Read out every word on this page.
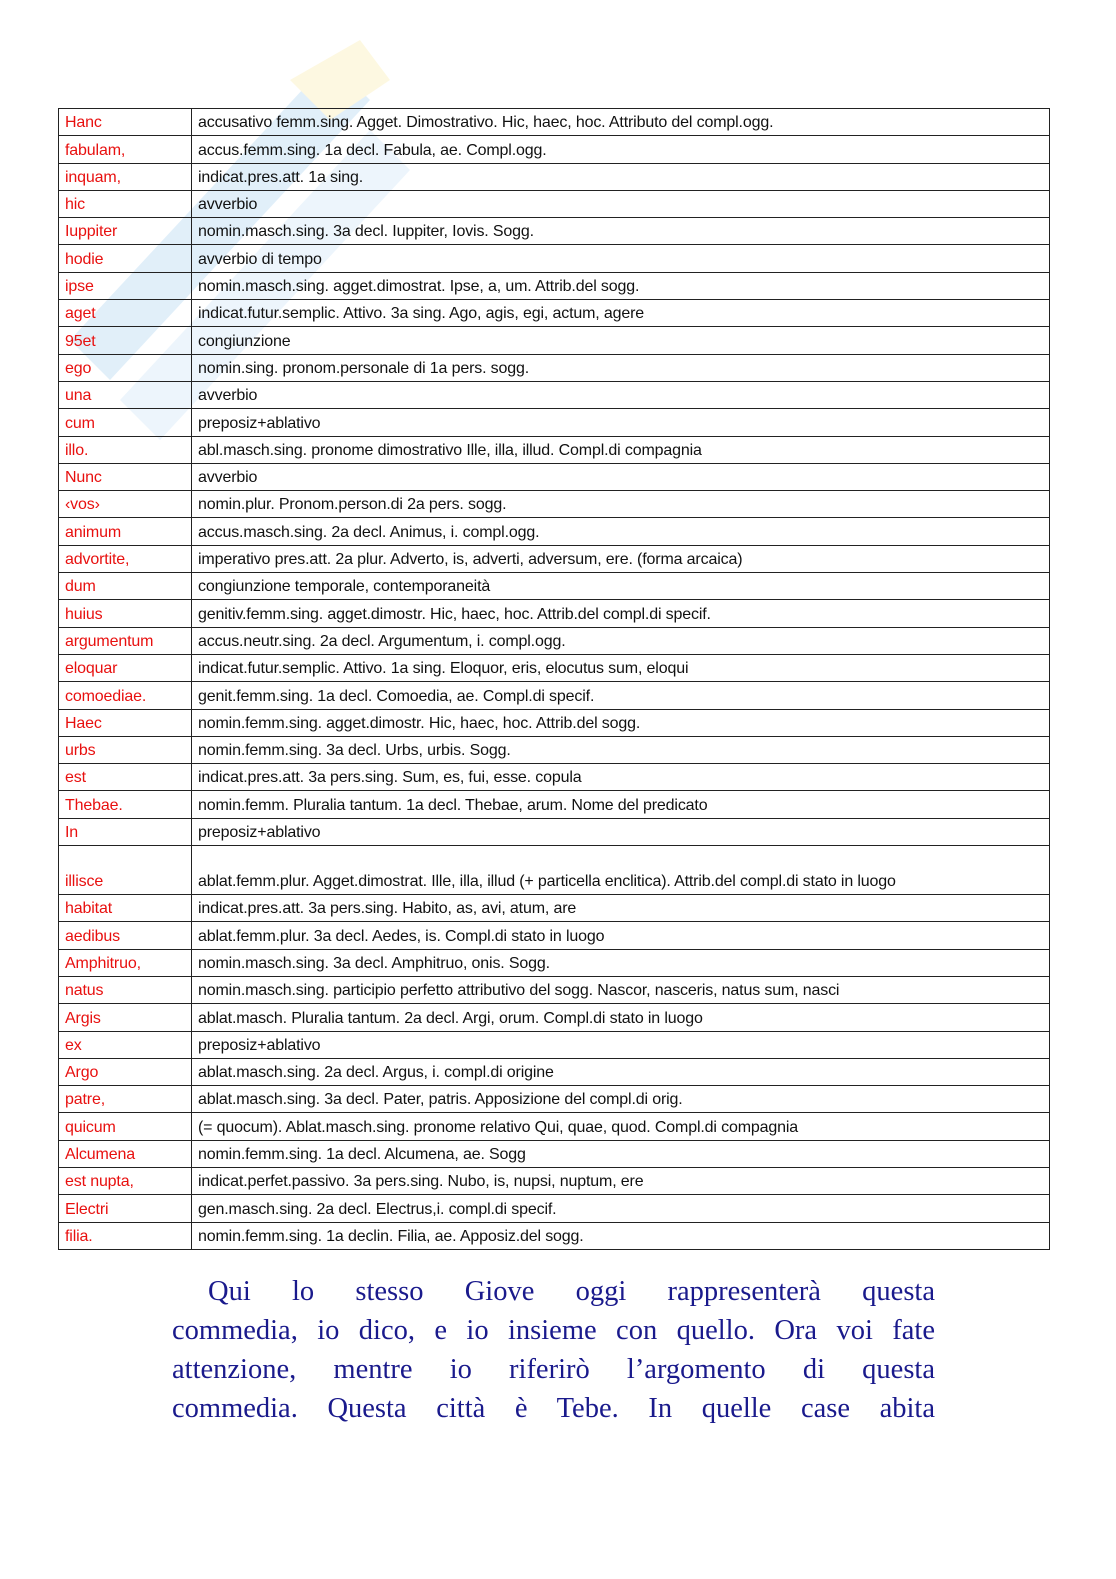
Hanc	accusativo femm.sing. Agget. Dimostrativo. Hic, haec, hoc. Attributo del compl.ogg.
fabulam,	accus.femm.sing. 1a decl. Fabula, ae. Compl.ogg.
inquam,	indicat.pres.att. 1a sing.
hic	avverbio
Iuppiter	nomin.masch.sing. 3a decl. Iuppiter, Iovis. Sogg.
hodie	avverbio di tempo
ipse	nomin.masch.sing. agget.dimostrat. Ipse, a, um. Attrib.del sogg.
aget	indicat.futur.semplic. Attivo. 3a sing. Ago, agis, egi, actum, agere
95et	congiunzione
ego	nomin.sing. pronom.personale di 1a pers. sogg.
una	avverbio
cum	preposiz+ablativo
illo.	abl.masch.sing. pronome dimostrativo Ille, illa, illud. Compl.di compagnia
Nunc	avverbio
‹vos›	nomin.plur. Pronom.person.di 2a pers. sogg.
animum	accus.masch.sing. 2a decl. Animus, i. compl.ogg.
advortite,	imperativo pres.att. 2a plur. Adverto, is, adverti, adversum, ere. (forma arcaica)
dum	congiunzione temporale, contemporaneità
huius	genitiv.femm.sing. agget.dimostr. Hic, haec, hoc. Attrib.del compl.di specif.
argumentum	accus.neutr.sing. 2a decl. Argumentum, i. compl.ogg.
eloquar	indicat.futur.semplic. Attivo. 1a sing. Eloquor, eris, elocutus sum, eloqui
comoediae.	genit.femm.sing. 1a decl. Comoedia, ae. Compl.di specif.
Haec	nomin.femm.sing. agget.dimostr. Hic, haec, hoc. Attrib.del sogg.
urbs	nomin.femm.sing. 3a decl. Urbs, urbis. Sogg.
est	indicat.pres.att. 3a pers.sing. Sum, es, fui, esse. copula
Thebae.	nomin.femm. Pluralia tantum. 1a decl. Thebae, arum. Nome del predicato
In	preposiz+ablativo
illisce	ablat.femm.plur. Agget.dimostrat. Ille, illa, illud (+ particella enclitica). Attrib.del compl.di stato in luogo
habitat	indicat.pres.att. 3a pers.sing. Habito, as, avi, atum, are
aedibus	ablat.femm.plur. 3a decl. Aedes, is. Compl.di stato in luogo
Amphitruo,	nomin.masch.sing. 3a decl. Amphitruo, onis. Sogg.
natus	nomin.masch.sing. participio perfetto attributivo del sogg. Nascor, nasceris, natus sum, nasci
Argis	ablat.masch. Pluralia tantum. 2a decl. Argi, orum. Compl.di stato in luogo
ex	preposiz+ablativo
Argo	ablat.masch.sing. 2a decl. Argus, i. compl.di origine
patre,	ablat.masch.sing. 3a decl. Pater, patris. Apposizione del compl.di orig.
quicum	(= quocum). Ablat.masch.sing. pronome relativo Qui, quae, quod. Compl.di compagnia
Alcumena	nomin.femm.sing. 1a decl. Alcumena, ae. Sogg
est nupta,	indicat.perfet.passivo. 3a pers.sing. Nubo, is, nupsi, nuptum, ere
Electri	gen.masch.sing. 2a decl. Electrus,i. compl.di specif.
filia.	nomin.femm.sing. 1a declin. Filia, ae. Apposiz.del sogg.
Qui lo stesso Giove oggi rappresenterà questa
commedia, io dico, e io insieme con quello. Ora voi fate
attenzione, mentre io riferirò l’argomento di questa
commedia. Questa città è Tebe. In quelle case abita
